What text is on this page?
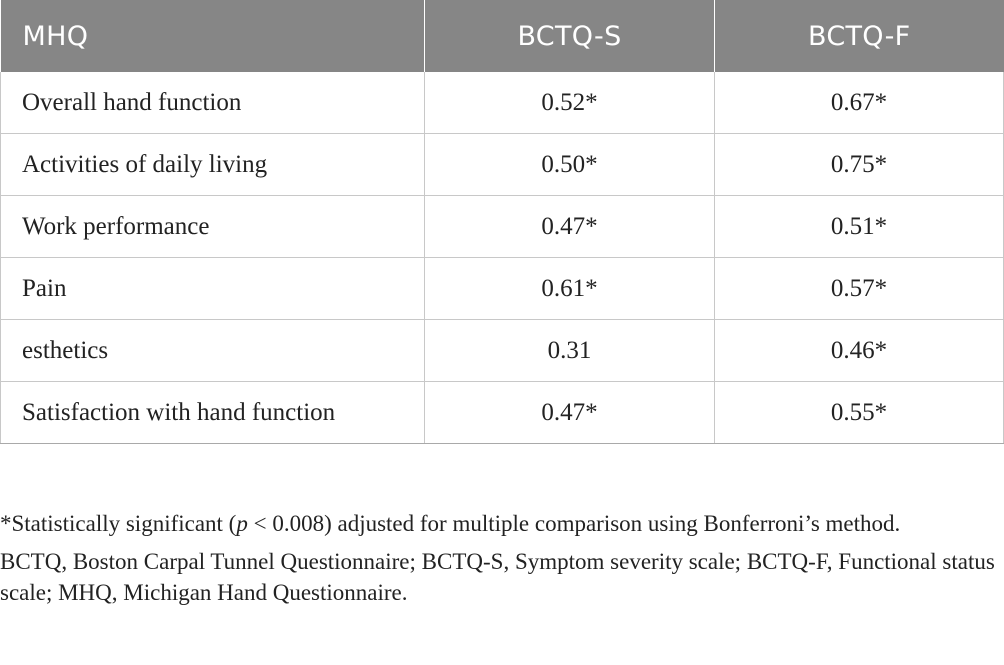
MHQ	BCTQ-S	BCTQ-F
Overall hand function	0.52*	0.67*
Activities of daily living	0.50*	0.75*
Work performance	0.47*	0.51*
Pain	0.61*	0.57*
esthetics	0.31	0.46*
Satisfaction with hand function	0.47*	0.55*

*Statistically significant (p < 0.008) adjusted for multiple comparison using Bonferroni’s method.

BCTQ, Boston Carpal Tunnel Questionnaire; BCTQ-S, Symptom severity scale; BCTQ-F, Functional status scale; MHQ, Michigan Hand Questionnaire.
